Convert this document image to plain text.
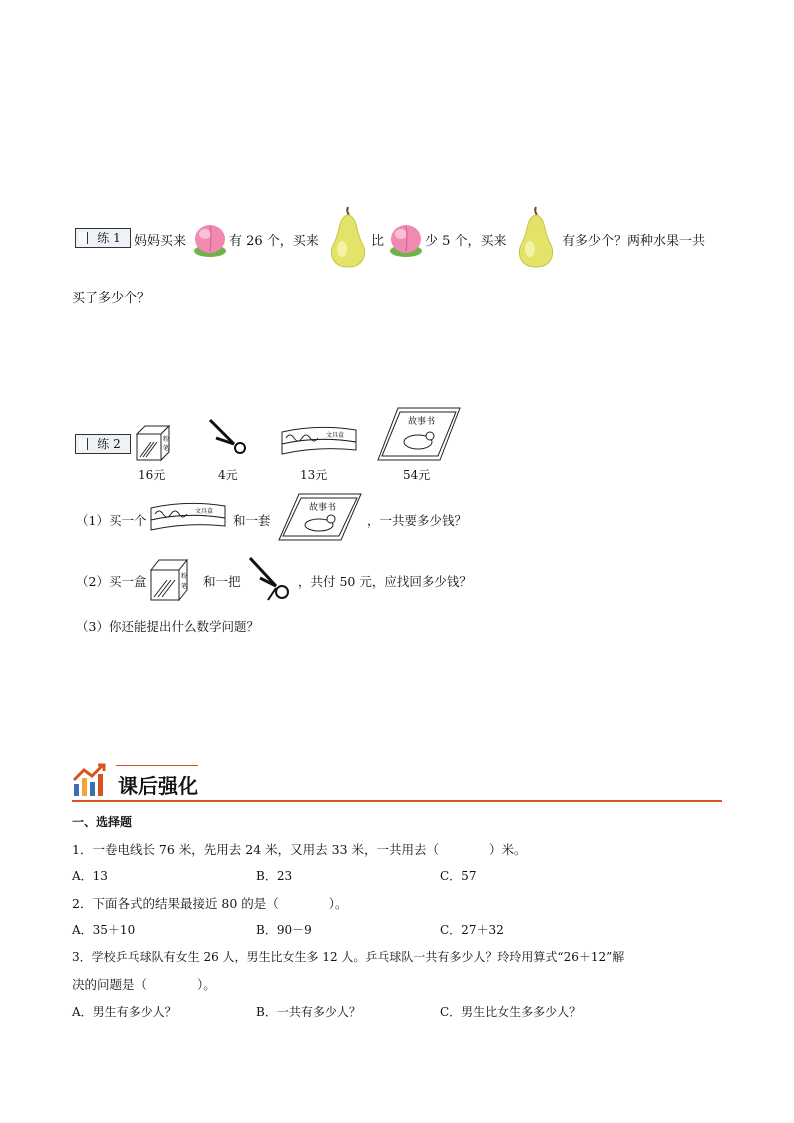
练 1	妈妈买来	有 26 个，买来	比	少 5 个，买来	有多少个？两种水果一共
买了多少个？
练 2	粉
笔
16元	4元
文具盒
13元
故事书
54元
（1）买一个
文具盒
和一套
故事书
，一共要多少钱？
（2）买一盒	粉
笔 和一把	，共付 50 元，应找回多少钱？
（3）你还能提出什么数学问题？
课后强化
一、选择题
1．一卷电线长 76 米，先用去 24 米，又用去 33 米，一共用去（　　　　）米。
A．13	B．23	C．57
2．下面各式的结果最接近 80 的是（　　　　）。
A．35＋10	B．90－9	C．27＋32
3．学校乒乓球队有女生 26 人，男生比女生多 12 人。乒乓球队一共有多少人？玲玲用算式“26＋12”解
决的问题是（　　　　）。
A．男生有多少人？	B．一共有多少人？	C．男生比女生多多少人？
